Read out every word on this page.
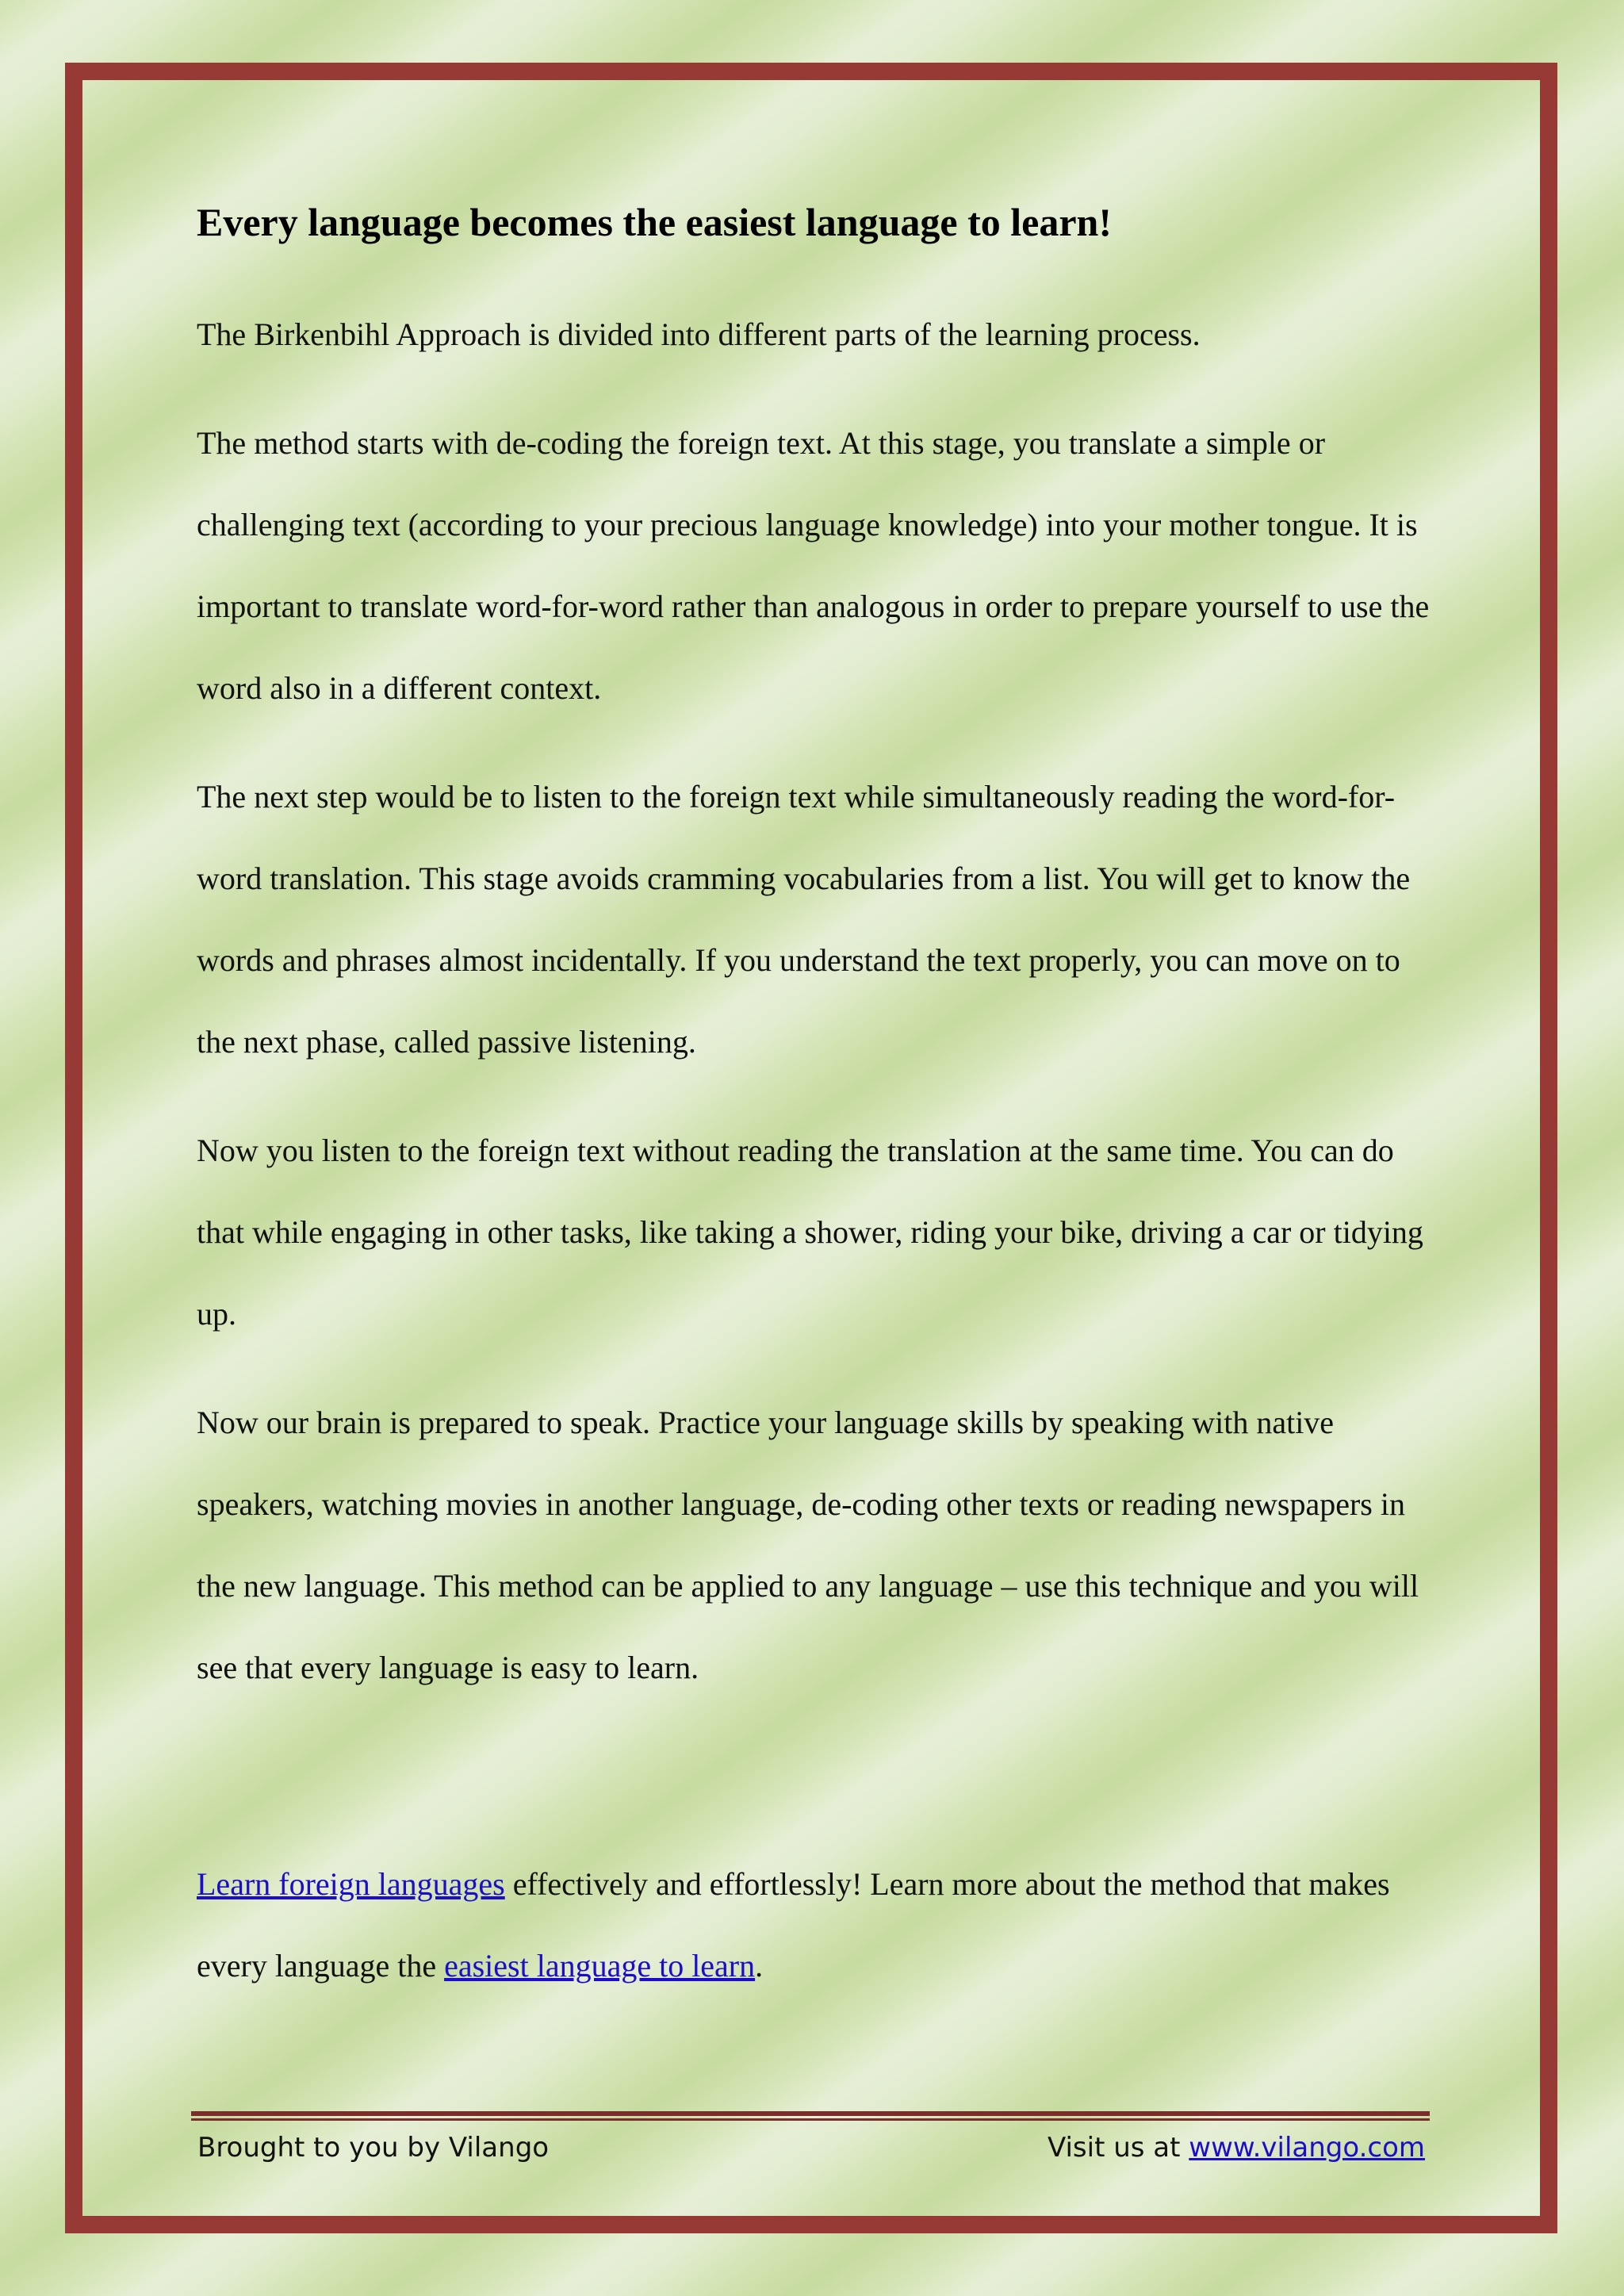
Every language becomes the easiest language to learn!

The Birkenbihl Approach is divided into different parts of the learning process.

The method starts with de-coding the foreign text. At this stage, you translate a simple or challenging text (according to your precious language knowledge) into your mother tongue. It is important to translate word-for-word rather than analogous in order to prepare yourself to use the word also in a different context.

The next step would be to listen to the foreign text while simultaneously reading the word-for-word translation. This stage avoids cramming vocabularies from a list. You will get to know the words and phrases almost incidentally. If you understand the text properly, you can move on to the next phase, called passive listening.

Now you listen to the foreign text without reading the translation at the same time. You can do that while engaging in other tasks, like taking a shower, riding your bike, driving a car or tidying up.

Now our brain is prepared to speak. Practice your language skills by speaking with native speakers, watching movies in another language, de-coding other texts or reading newspapers in the new language. This method can be applied to any language – use this technique and you will see that every language is easy to learn.

Learn foreign languages effectively and effortlessly! Learn more about the method that makes every language the easiest language to learn.

Brought to you by Vilango	Visit us at www.vilango.com
